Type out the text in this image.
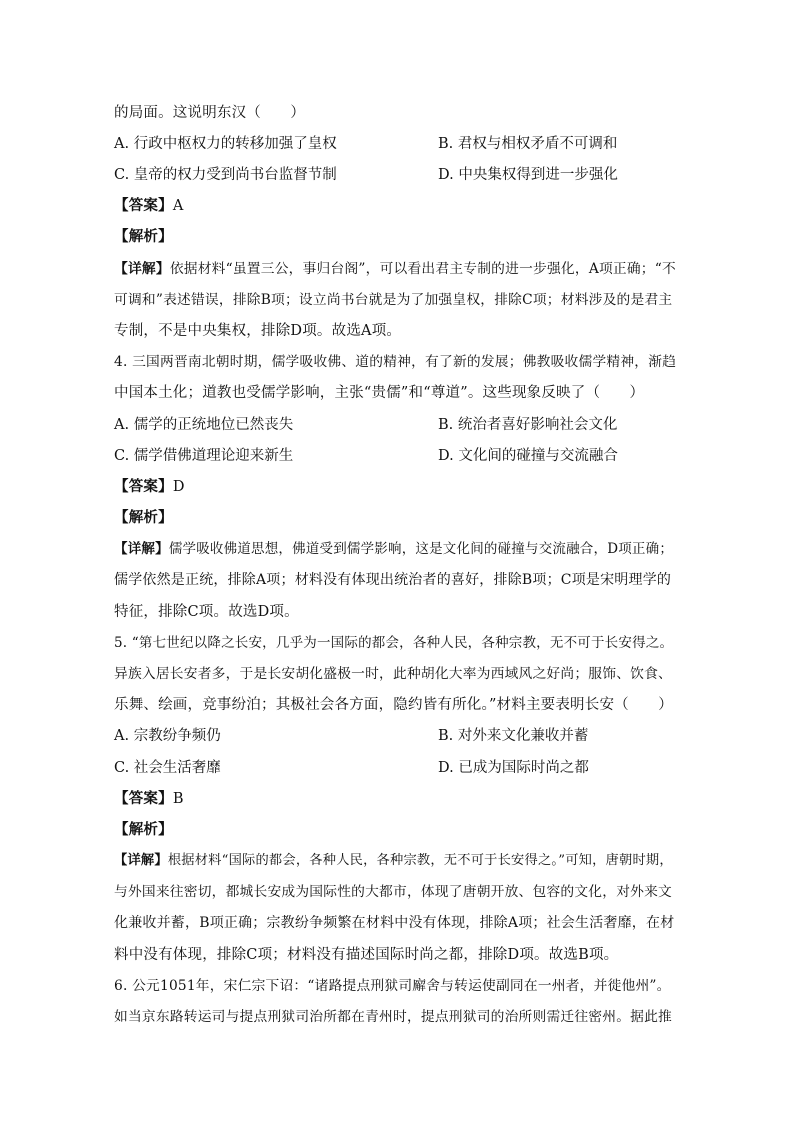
的局面。这说明东汉（　　）
A. 行政中枢权力的转移加强了皇权	B. 君权与相权矛盾不可调和
C. 皇帝的权力受到尚书台监督节制	D. 中央集权得到进一步强化
【答案】A
【解析】
【详解】依据材料“虽置三公，事归台阁”，可以看出君主专制的进一步强化，A项正确；“不
可调和”表述错误，排除B项；设立尚书台就是为了加强皇权，排除C项；材料涉及的是君主
专制，不是中央集权，排除D项。故选A项。
4. 三国两晋南北朝时期，儒学吸收佛、道的精神，有了新的发展；佛教吸收儒学精神，渐趋
中国本土化；道教也受儒学影响，主张“贵儒”和“尊道”。这些现象反映了（　　）
A. 儒学的正统地位已然丧失	B. 统治者喜好影响社会文化
C. 儒学借佛道理论迎来新生	D. 文化间的碰撞与交流融合
【答案】D
【解析】
【详解】儒学吸收佛道思想，佛道受到儒学影响，这是文化间的碰撞与交流融合，D项正确；
儒学依然是正统，排除A项；材料没有体现出统治者的喜好，排除B项；C项是宋明理学的
特征，排除C项。故选D项。
5. “第七世纪以降之长安，几乎为一国际的都会，各种人民，各种宗教，无不可于长安得之。
异族入居长安者多，于是长安胡化盛极一时，此种胡化大率为西域风之好尚；服饰、饮食、
乐舞、绘画，竞事纷泊；其极社会各方面，隐约皆有所化。”材料主要表明长安（　　）
A. 宗教纷争频仍	B. 对外来文化兼收并蓄
C. 社会生活奢靡	D. 已成为国际时尚之都
【答案】B
【解析】
【详解】根据材料“国际的都会，各种人民，各种宗教，无不可于长安得之。”可知，唐朝时期，
与外国来往密切，都城长安成为国际性的大都市，体现了唐朝开放、包容的文化，对外来文
化兼收并蓄，B项正确；宗教纷争频繁在材料中没有体现，排除A项；社会生活奢靡，在材
料中没有体现，排除C项；材料没有描述国际时尚之都，排除D项。故选B项。
6. 公元1051年，宋仁宗下诏：“诸路提点刑狱司廨舍与转运使副同在一州者，并徙他州”。
如当京东路转运司与提点刑狱司治所都在青州时，提点刑狱司的治所则需迁往密州。据此推
